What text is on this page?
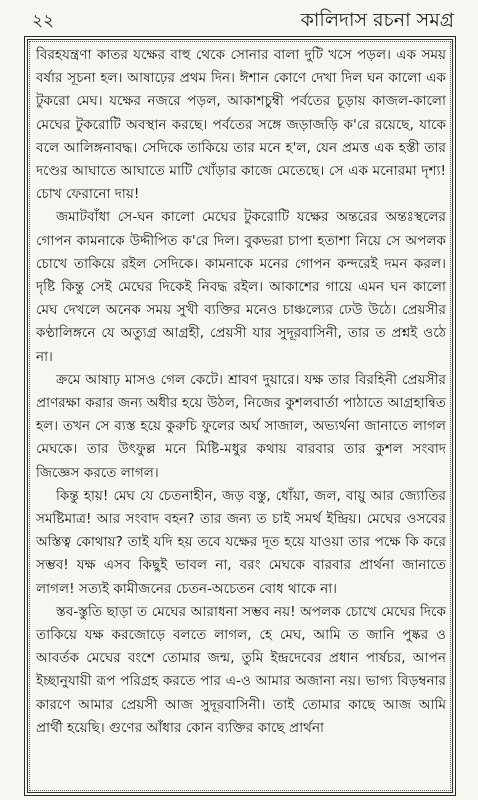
২২	কালিদাস রচনা সমগ্র

বিরহযন্ত্রণা কাতর যক্ষের বাহু থেকে সোনার বালা দুটি খসে পড়ল। এক সময় বর্ষার সূচনা হল। আষাঢ়ের প্রথম দিন। ঈশান কোণে দেখা দিল ঘন কালো এক টুকরো মেঘ। যক্ষের নজরে পড়ল, আকাশচুম্বী পর্বতের চূড়ায় কাজল-কালো মেঘের টুকরোটি অবস্থান করছে। পর্বতের সঙ্গে জড়াজড়ি ক'রে রয়েছে, যাকে বলে আলিঙ্গনাবদ্ধ। সেদিকে তাকিয়ে তার মনে হ'ল, যেন প্রমত্ত এক হস্তী তার দণ্ডের আঘাতে আঘাতে মাটি খোঁড়ার কাজে মেতেছে। সে এক মনোরমা দৃশ্য! চোখ ফেরানো দায়!

জমাটবাঁধা সে-ঘন কালো মেঘের টুকরোটি যক্ষের অন্তরের অন্তঃস্থলের গোপন কামনাকে উদ্দীপিত ক'রে দিল। বুকভরা চাপা হতাশা নিয়ে সে অপলক চোখে তাকিয়ে রইল সেদিকে। কামনাকে মনের গোপন কন্দরেই দমন করল। দৃষ্টি কিন্তু সেই মেঘের দিকেই নিবদ্ধ রইল। আকাশের গায়ে এমন ঘন কালো মেঘ দেখলে অনেক সময় সুখী ব্যক্তির মনেও চাঞ্চল্যের ঢেউ উঠে। প্রেয়সীর কণ্ঠালিঙ্গনে যে অত্যুগ্র আগ্রহী, প্রেয়সী যার সুদূরবাসিনী, তার ত প্রশ্নই ওঠে না।

ক্রমে আষাঢ় মাসও গেল কেটে। শ্রাবণ দুয়ারে। যক্ষ তার বিরহিনী প্রেয়সীর প্রাণরক্ষা করার জন্য অধীর হয়ে উঠল, নিজের কুশলবার্তা পাঠাতে আগ্রহান্বিত হল। তখন সে ব্যস্ত হয়ে কুরুচি ফুলের অর্ঘ সাজাল, অভ্যর্থনা জানাতে লাগল মেঘকে। তার উৎফুল্ল মনে মিষ্টি-মধুর কথায় বারবার তার কুশল সংবাদ জিজ্ঞেস করতে লাগল।

কিন্তু হায়! মেঘ যে চেতনাহীন, জড় বস্তু, ধোঁয়া, জল, বায়ু আর জ্যোতির সমষ্টিমাত্র! আর সংবাদ বহন? তার জন্য ত চাই সমর্থ ইন্দ্রিয়। মেঘের ওসবের অস্তিত্ব কোথায়? তাই যদি হয় তবে যক্ষের দূত হয়ে যাওয়া তার পক্ষে কি করে সম্ভব! যক্ষ এসব কিছুই ভাবল না, বরং মেঘকে বারবার প্রার্থনা জানাতে লাগল! সত্যই কামীজনের চেতন-অচেতন বোধ থাকে না।

স্তব-স্তুতি ছাড়া ত মেঘের আরাধনা সম্ভব নয়! অপলক চোখে মেঘের দিকে তাকিয়ে যক্ষ করজোড়ে বলতে লাগল, হে মেঘ, আমি ত জানি পুষ্কর ও আবর্তক মেঘের বংশে তোমার জন্ম, তুমি ইন্দ্রদেবের প্রধান পার্ষচর, আপন ইচ্ছানুযায়ী রূপ পরিগ্রহ করতে পার এ-ও আমার অজানা নয়। ভাগ্য বিড়ম্বনার কারণে আমার প্রেয়সী আজ সুদূরবাসিনী। তাই তোমার কাছে আজ আমি প্রার্থী হয়েছি। গুণের আঁধার কোন ব্যক্তির কাছে প্রার্থনা
